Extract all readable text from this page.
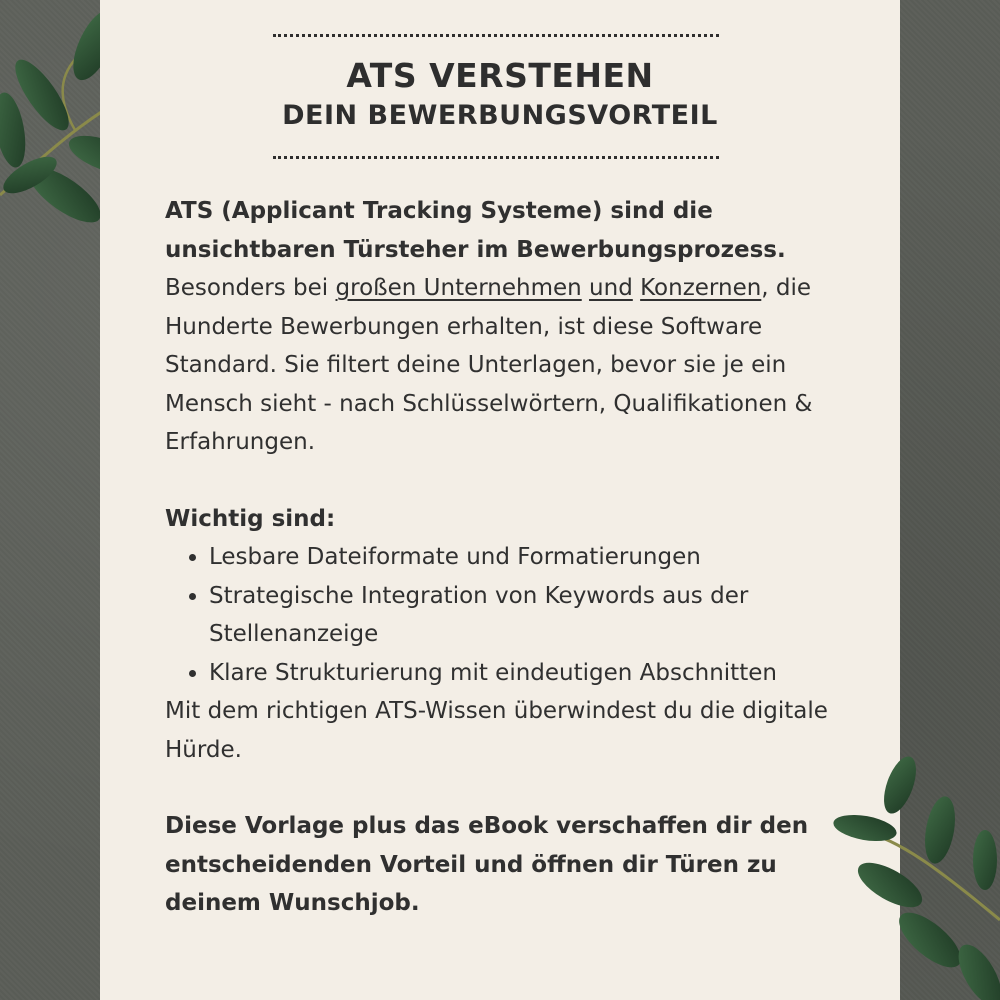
ATS VERSTEHEN
DEIN BEWERBUNGSVORTEIL

ATS (Applicant Tracking Systeme) sind die unsichtbaren Türsteher im Bewerbungsprozess. Besonders bei großen Unternehmen und Konzernen, die Hunderte Bewerbungen erhalten, ist diese Software Standard. Sie filtert deine Unterlagen, bevor sie je ein Mensch sieht - nach Schlüsselwörtern, Qualifikationen & Erfahrungen.

Wichtig sind:

• Lesbare Dateiformate und Formatierungen
• Strategische Integration von Keywords aus der Stellenanzeige
• Klare Strukturierung mit eindeutigen Abschnitten

Mit dem richtigen ATS-Wissen überwindest du die digitale Hürde.

Diese Vorlage plus das eBook verschaffen dir den entscheidenden Vorteil und öffnen dir Türen zu deinem Wunschjob.
